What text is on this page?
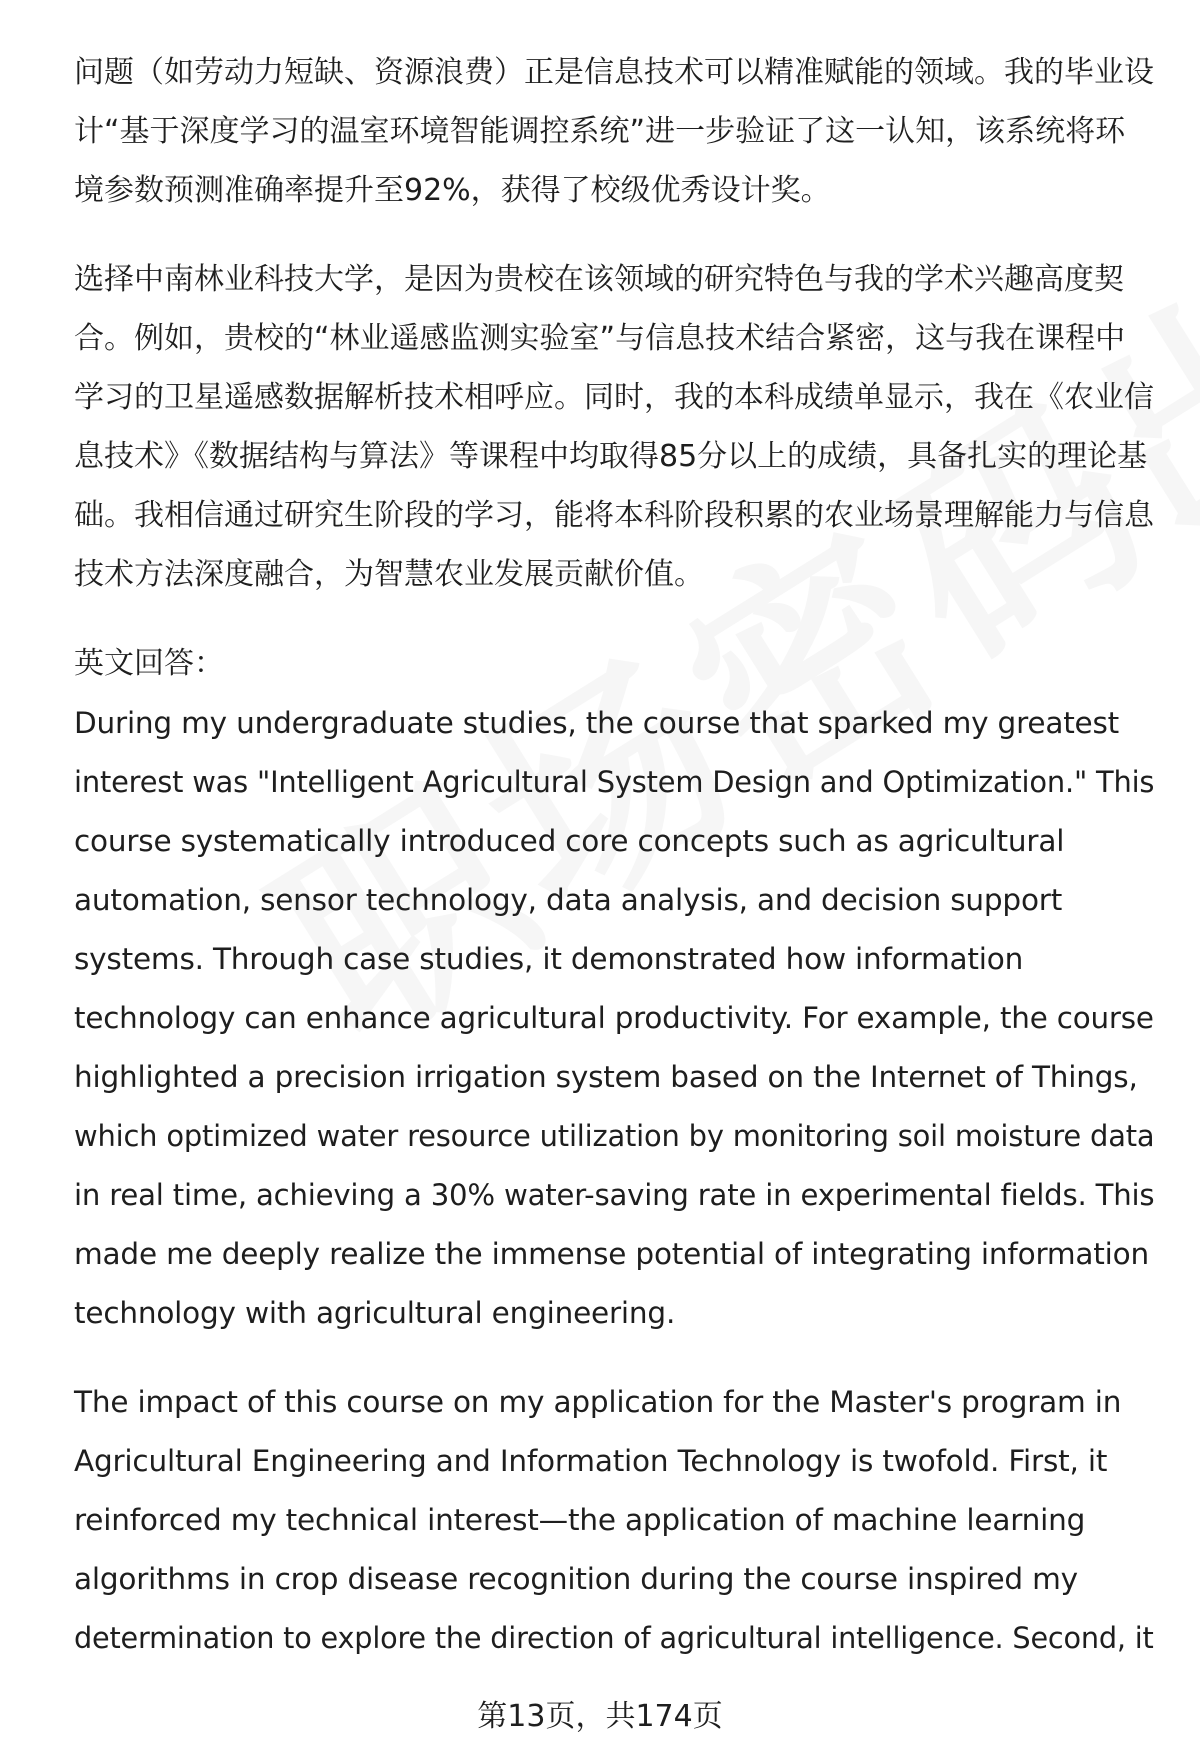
问题（如劳动力短缺、资源浪费）正是信息技术可以精准赋能的领域。我的毕业设
计“基于深度学习的温室环境智能调控系统”进一步验证了这一认知，该系统将环
境参数预测准确率提升至92%，获得了校级优秀设计奖。
选择中南林业科技大学，是因为贵校在该领域的研究特色与我的学术兴趣高度契
合。例如，贵校的“林业遥感监测实验室”与信息技术结合紧密，这与我在课程中
学习的卫星遥感数据解析技术相呼应。同时，我的本科成绩单显示，我在《农业信
息技术》《数据结构与算法》等课程中均取得85分以上的成绩，具备扎实的理论基
础。我相信通过研究生阶段的学习，能将本科阶段积累的农业场景理解能力与信息
技术方法深度融合，为智慧农业发展贡献价值。
英文回答：
During my undergraduate studies, the course that sparked my greatest
interest was "Intelligent Agricultural System Design and Optimization." This
course systematically introduced core concepts such as agricultural
automation, sensor technology, data analysis, and decision support
systems. Through case studies, it demonstrated how information
technology can enhance agricultural productivity. For example, the course
highlighted a precision irrigation system based on the Internet of Things,
which optimized water resource utilization by monitoring soil moisture data
in real time, achieving a 30% water-saving rate in experimental fields. This
made me deeply realize the immense potential of integrating information
technology with agricultural engineering.
The impact of this course on my application for the Master's program in
Agricultural Engineering and Information Technology is twofold. First, it
reinforced my technical interest—the application of machine learning
algorithms in crop disease recognition during the course inspired my
determination to explore the direction of agricultural intelligence. Second, it
第13页，共174页
